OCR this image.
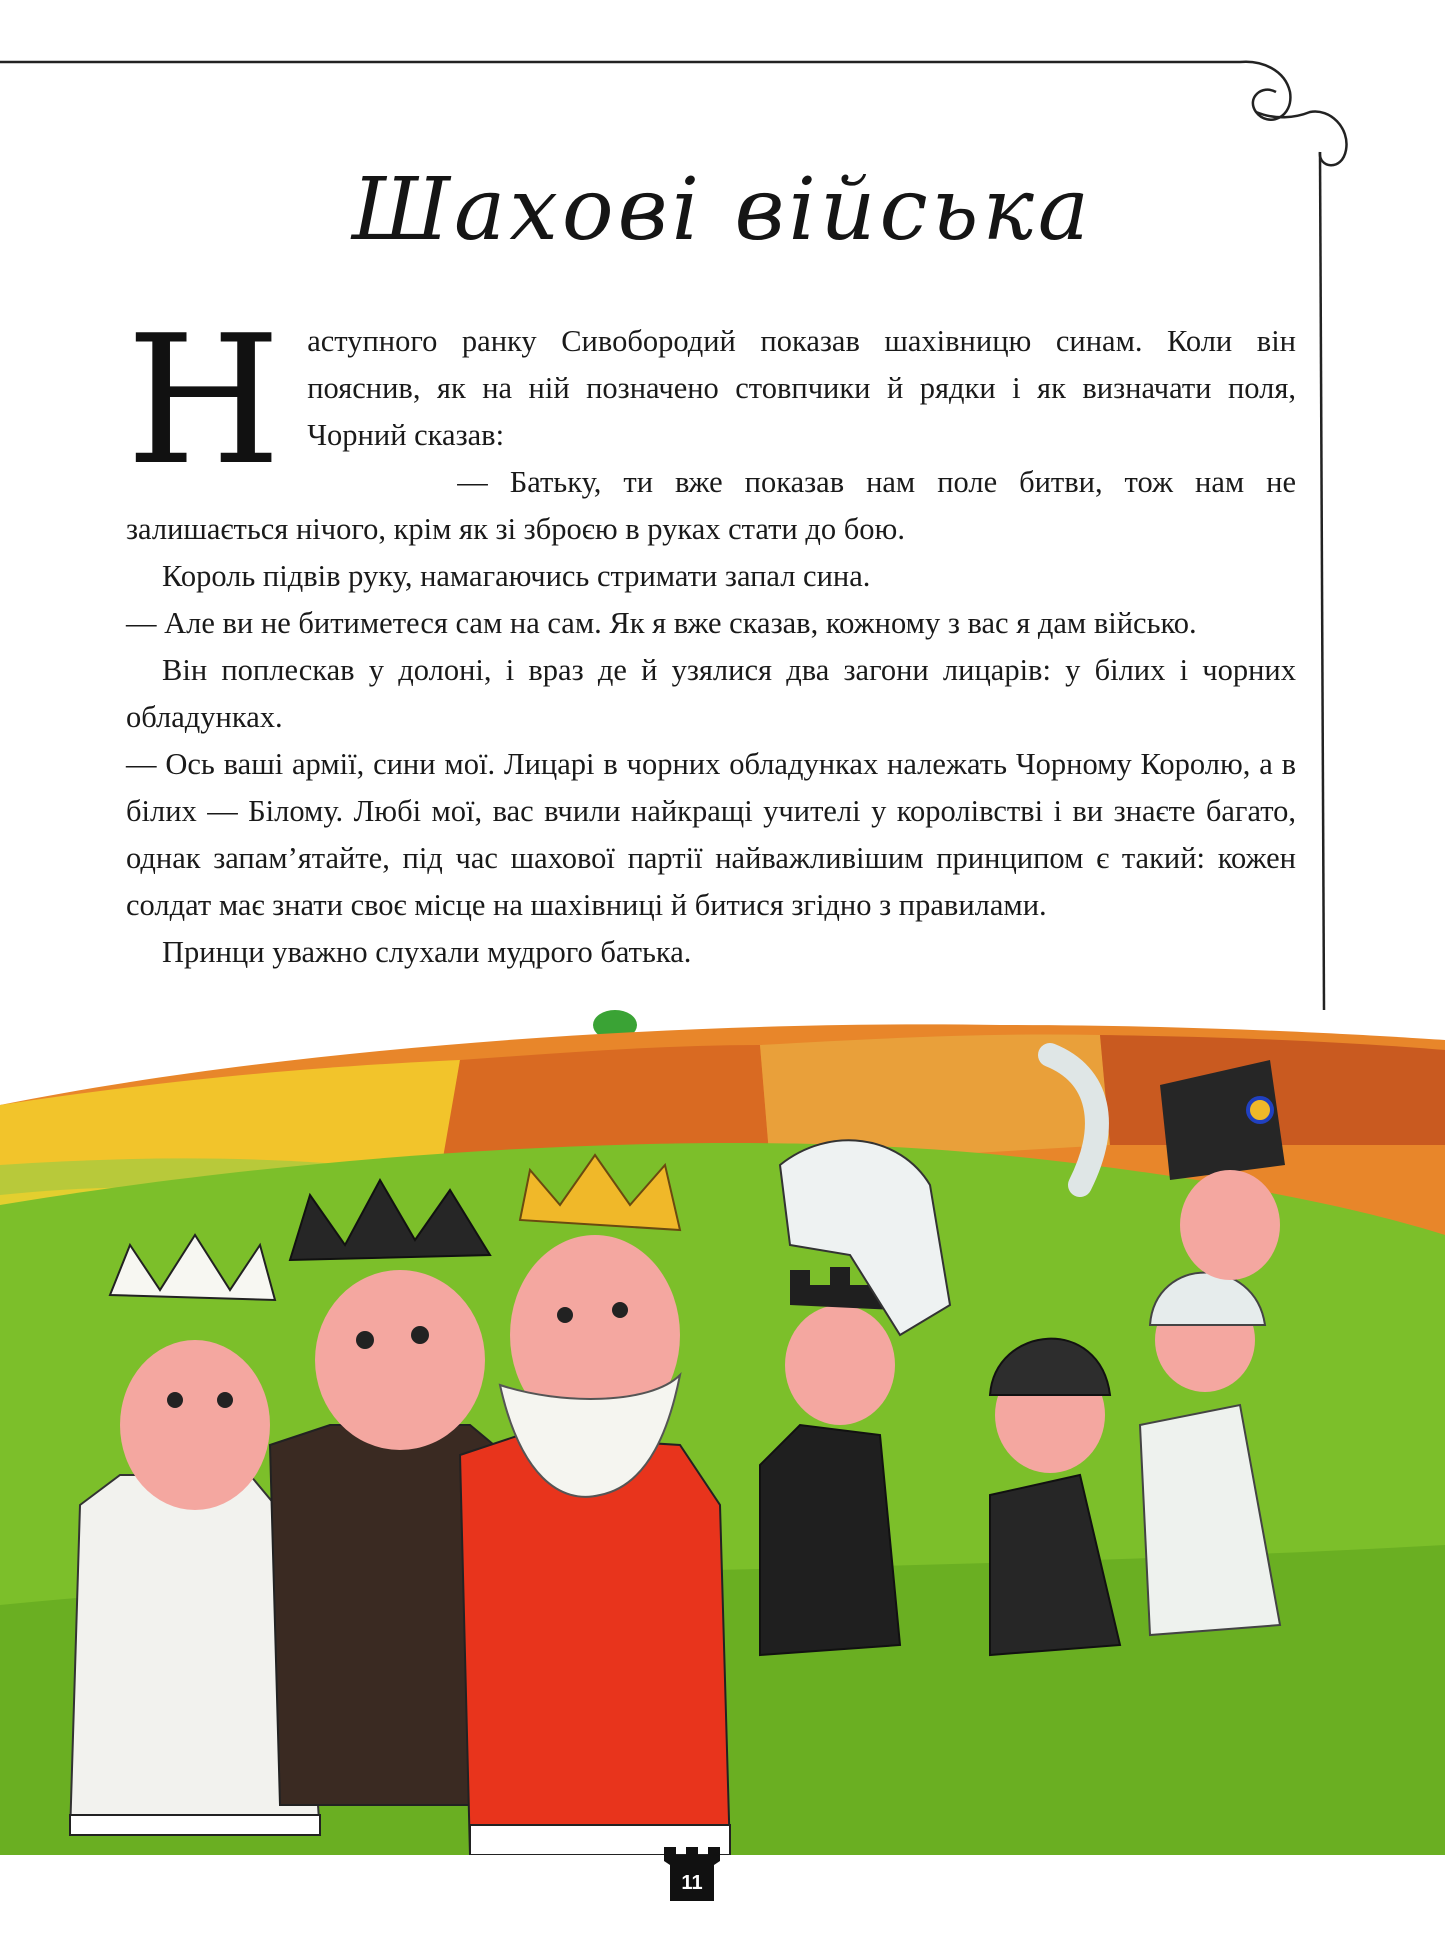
Шахові війська
Н аступного ранку Сивобородий показав шахівницю синам. Коли він пояснив, як на ній позначено стовпчики й рядки і як визначати поля, Чорний сказав:

— Батьку, ти вже показав нам поле битви, тож нам не залишається нічого, крім як зі зброєю в руках стати до бою.

Король підвів руку, намагаючись стримати запал сина.

— Але ви не битиметеся сам на сам. Як я вже сказав, кожному з вас я дам військо.

Він поплескав у долоні, і враз де й узялися два загони лицарів: у білих і чорних обладунках.

— Ось ваші армії, сини мої. Лицарі в чорних обладунках належать Чорному Королю, а в білих — Білому. Любі мої, вас вчили найкращі учителі у королівстві і ви знаєте багато, однак запам’ятайте, під час шахової партії найважливішим принципом є такий: кожен солдат має знати своє місце на шахівниці й битися згідно з правилами.

Принци уважно слухали мудрого батька.

11
